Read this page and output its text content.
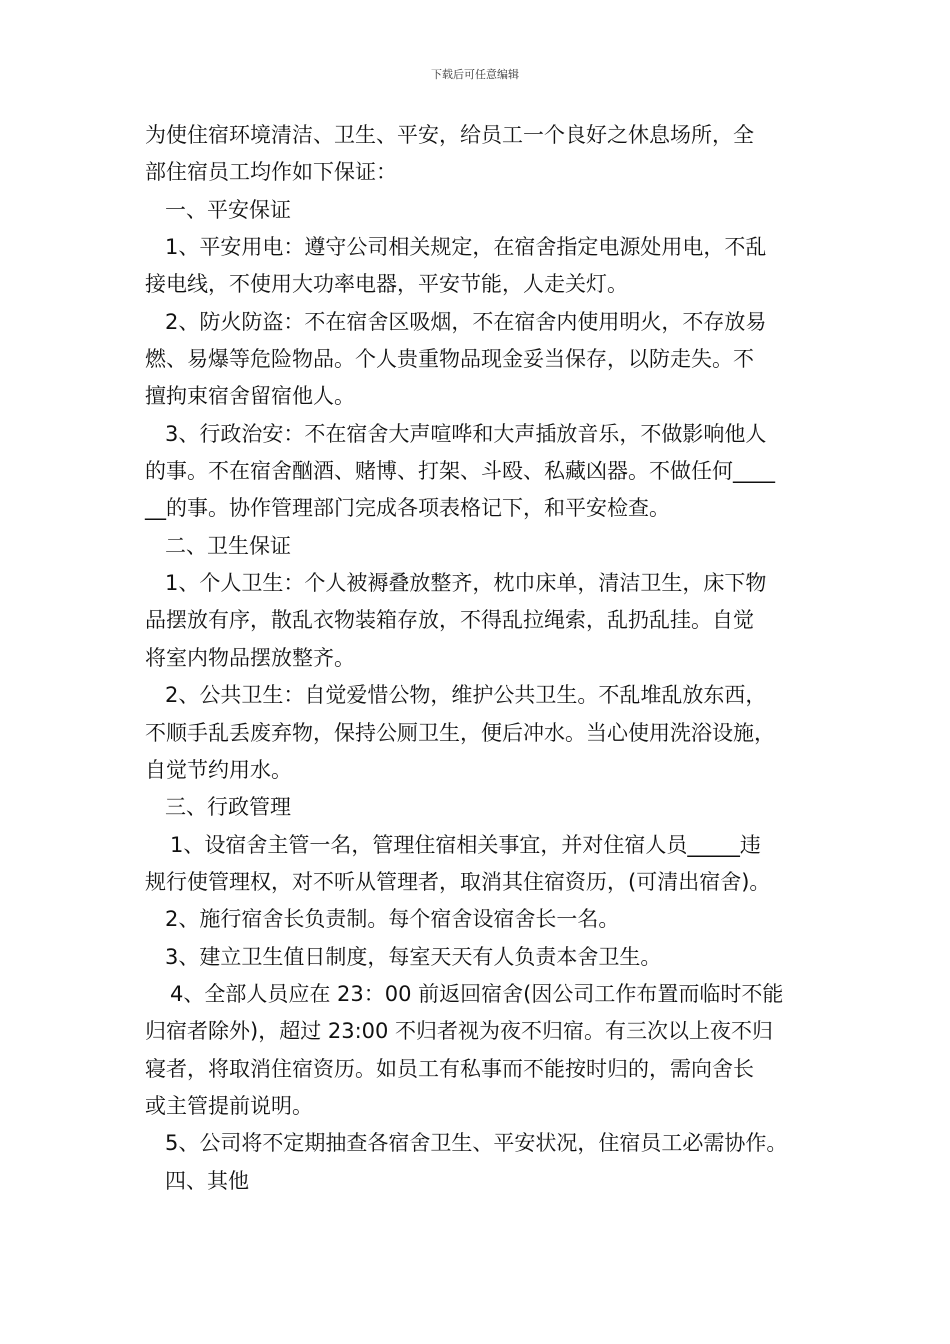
下载后可任意编辑
为使住宿环境清洁、卫生、平安，给员工一个良好之休息场所，全
部住宿员工均作如下保证：
一、平安保证
1、平安用电：遵守公司相关规定，在宿舍指定电源处用电，不乱
接电线，不使用大功率电器，平安节能，人走关灯。
2、防火防盗：不在宿舍区吸烟，不在宿舍内使用明火，不存放易
燃、易爆等危险物品。个人贵重物品现金妥当保存，以防走失。不
擅拘束宿舍留宿他人。
3、行政治安：不在宿舍大声喧哗和大声插放音乐，不做影响他人
的事。不在宿舍酗酒、赌博、打架、斗殴、私藏凶器。不做任何____
__的事。协作管理部门完成各项表格记下，和平安检查。
二、卫生保证
1、个人卫生：个人被褥叠放整齐，枕巾床单，清洁卫生，床下物
品摆放有序，散乱衣物装箱存放，不得乱拉绳索，乱扔乱挂。自觉
将室内物品摆放整齐。
2、公共卫生：自觉爱惜公物，维护公共卫生。不乱堆乱放东西，
不顺手乱丢废弃物，保持公厕卫生，便后冲水。当心使用洗浴设施，
自觉节约用水。
三、行政管理
1、设宿舍主管一名，管理住宿相关事宜，并对住宿人员_____违
规行使管理权，对不听从管理者，取消其住宿资历，(可清出宿舍)。
2、施行宿舍长负责制。每个宿舍设宿舍长一名。
3、建立卫生值日制度，每室天天有人负责本舍卫生。
4、全部人员应在 23：00 前返回宿舍(因公司工作布置而临时不能
归宿者除外)，超过 23:00 不归者视为夜不归宿。有三次以上夜不归
寝者，将取消住宿资历。如员工有私事而不能按时归的，需向舍长
或主管提前说明。
5、公司将不定期抽查各宿舍卫生、平安状况，住宿员工必需协作。
四、其他
